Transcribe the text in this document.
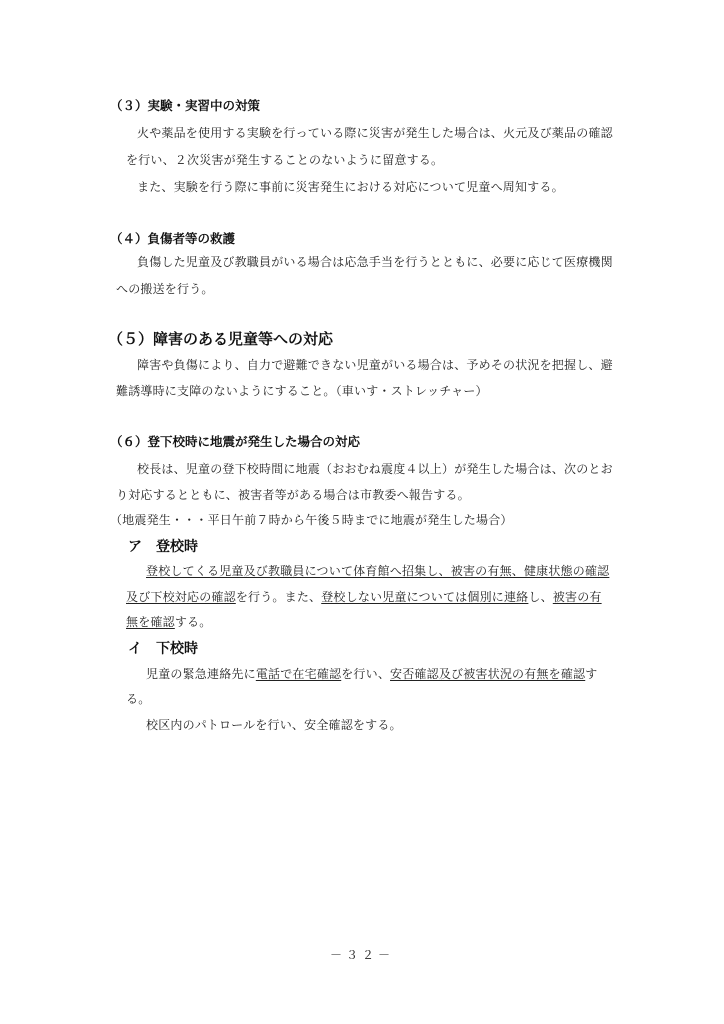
（３）実験・実習中の対策
火や薬品を使用する実験を行っている際に災害が発生した場合は、火元及び薬品の確認
を行い、２次災害が発生することのないように留意する。
また、実験を行う際に事前に災害発生における対応について児童へ周知する。
（４）負傷者等の救護
負傷した児童及び教職員がいる場合は応急手当を行うとともに、必要に応じて医療機関
への搬送を行う。
（５）障害のある児童等への対応
障害や負傷により、自力で避難できない児童がいる場合は、予めその状況を把握し、避
難誘導時に支障のないようにすること。（車いす・ストレッチャー）
（６）登下校時に地震が発生した場合の対応
校長は、児童の登下校時間に地震（おおむね震度４以上）が発生した場合は、次のとお
り対応するとともに、被害者等がある場合は市教委へ報告する。
（地震発生・・・平日午前７時から午後５時までに地震が発生した場合）
ア　登校時
登校してくる児童及び教職員について体育館へ招集し、被害の有無、健康状態の確認
及び下校対応の確認を行う。また、登校しない児童については個別に連絡し、被害の有
無を確認する。
イ　下校時
児童の緊急連絡先に電話で在宅確認を行い、安否確認及び被害状況の有無を確認す
る。
校区内のパトロールを行い、安全確認をする。
－３２－
